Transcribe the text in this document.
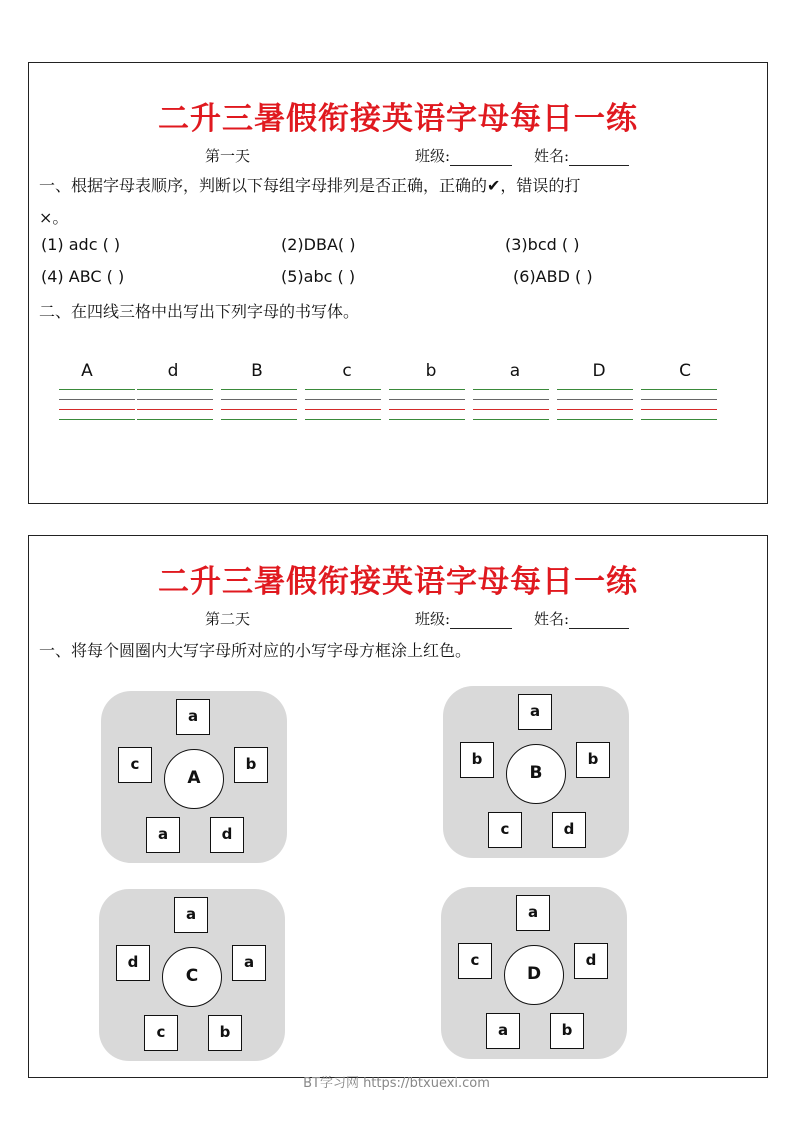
二升三暑假衔接英语字母每日一练
第一天	班级:	姓名:
一、根据字母表顺序，判断以下每组字母排列是否正确，正确的✔，错误的打
×。
(1) adc ( )	(2)DBA( )	(3)bcd ( )
(4) ABC ( )	(5)abc ( )	(6)ABD ( )
二、在四线三格中出写出下列字母的书写体。
A	d	B	c	b	a	D	C
二升三暑假衔接英语字母每日一练
第二天	班级:	姓名:
一、将每个圆圈内大写字母所对应的小写字母方框涂上红色。
a
c
A
b
a	d
a
b
B
b
c	d
a
d
C
a
c	b
a
c
D
d
a	b
BT学习网 https://btxuexi.com
